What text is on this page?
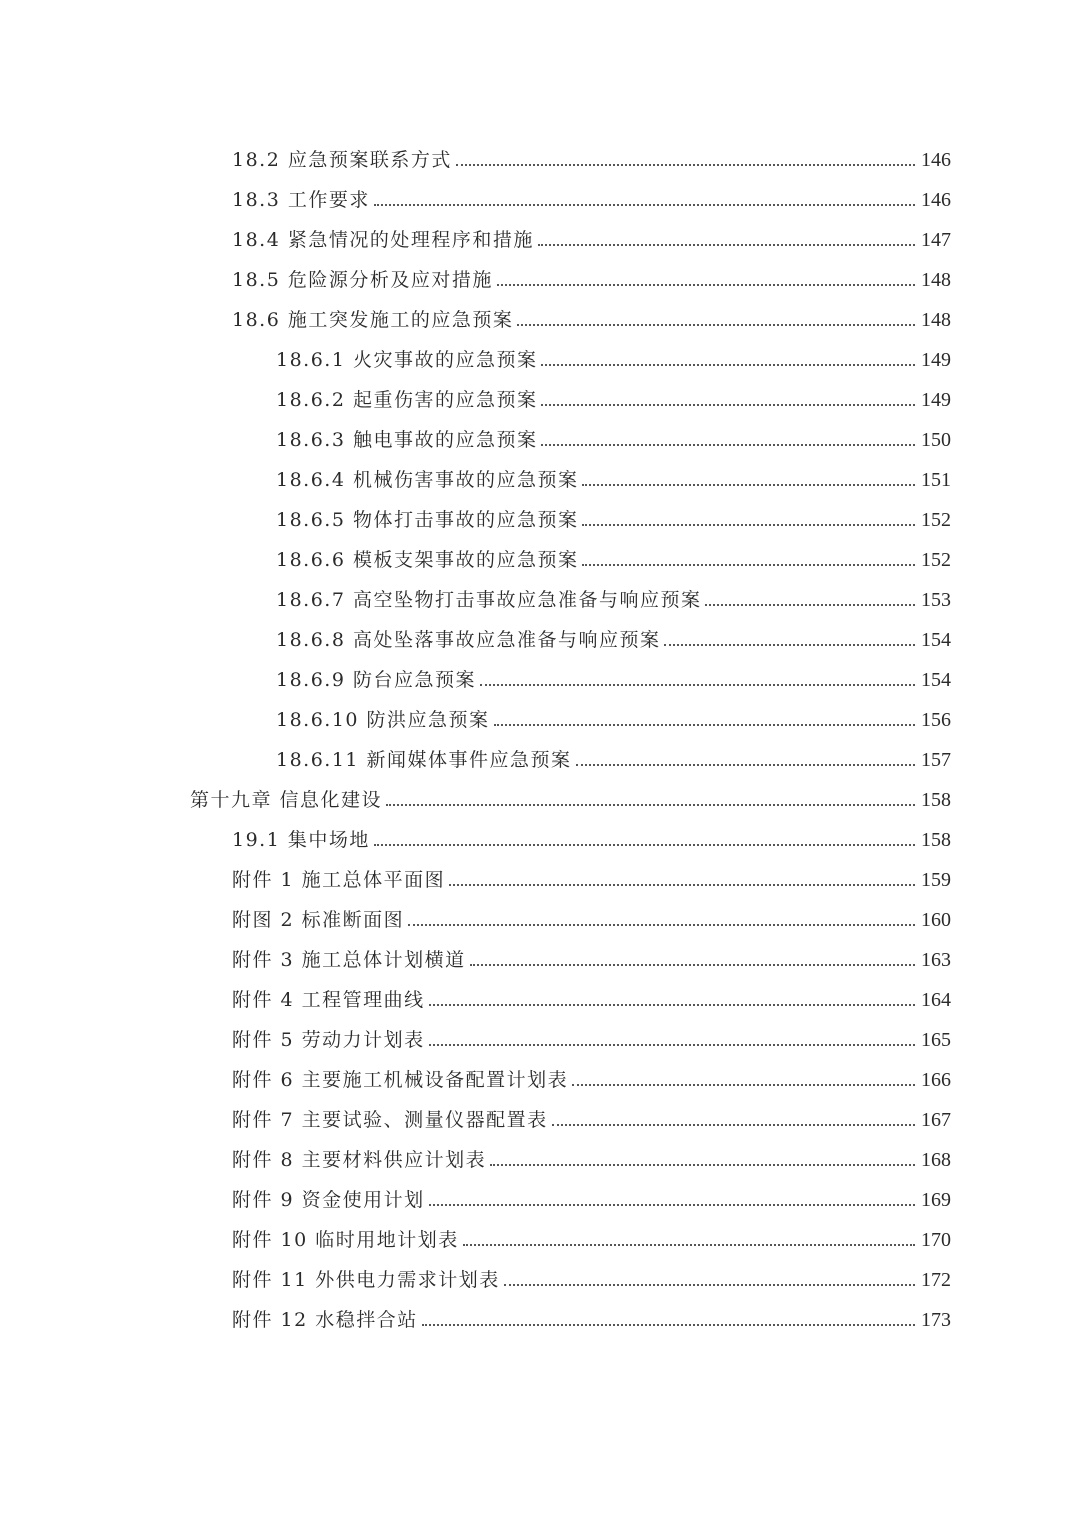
18.2 应急预案联系方式	146
18.3 工作要求	146
18.4 紧急情况的处理程序和措施	147
18.5 危险源分析及应对措施	148
18.6 施工突发施工的应急预案	148
18.6.1 火灾事故的应急预案	149
18.6.2 起重伤害的应急预案	149
18.6.3 触电事故的应急预案	150
18.6.4 机械伤害事故的应急预案	151
18.6.5 物体打击事故的应急预案	152
18.6.6 模板支架事故的应急预案	152
18.6.7 高空坠物打击事故应急准备与响应预案	153
18.6.8 高处坠落事故应急准备与响应预案	154
18.6.9 防台应急预案	154
18.6.10 防洪应急预案	156
18.6.11 新闻媒体事件应急预案	157
第十九章 信息化建设	158
19.1 集中场地	158
附件 1 施工总体平面图	159
附图 2 标准断面图	160
附件 3 施工总体计划横道	163
附件 4 工程管理曲线	164
附件 5 劳动力计划表	165
附件 6 主要施工机械设备配置计划表	166
附件 7 主要试验、测量仪器配置表	167
附件 8 主要材料供应计划表	168
附件 9 资金使用计划	169
附件 10 临时用地计划表	170
附件 11 外供电力需求计划表	172
附件 12 水稳拌合站	173
